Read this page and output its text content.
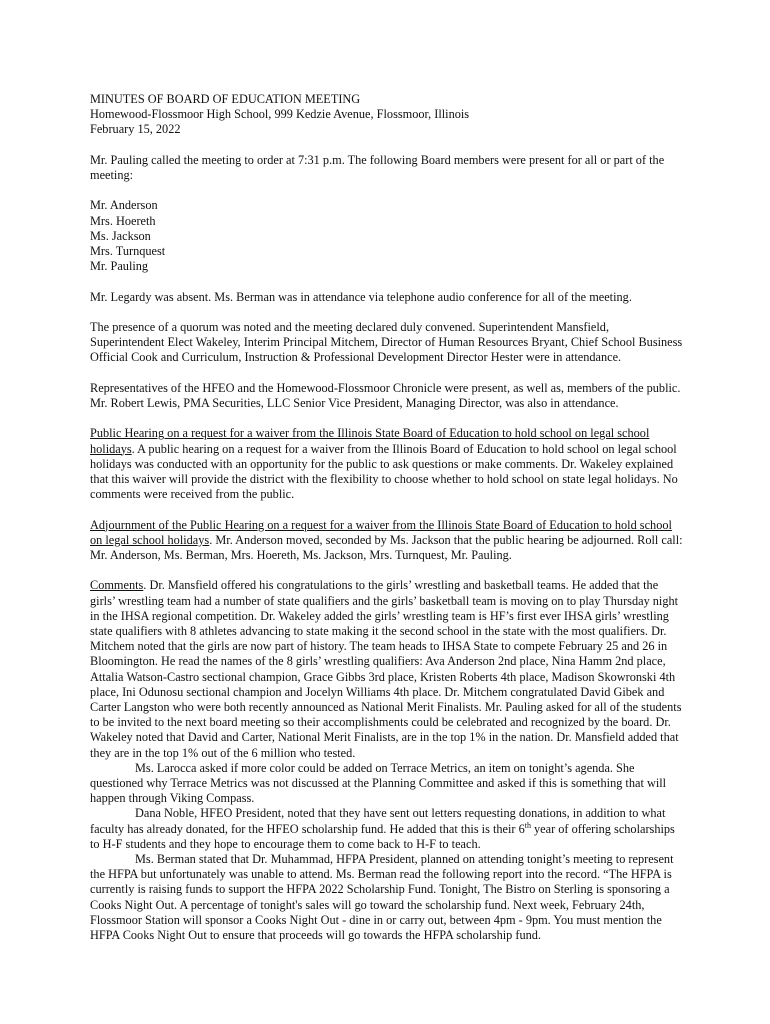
MINUTES OF BOARD OF EDUCATION MEETING

Homewood-Flossmoor High School, 999 Kedzie Avenue, Flossmoor, Illinois

February 15, 2022

Mr. Pauling called the meeting to order at 7:31 p.m. The following Board members were present for all or part of the meeting:

Mr. Anderson

Mrs. Hoereth

Ms. Jackson

Mrs. Turnquest

Mr. Pauling

Mr. Legardy was absent. Ms. Berman was in attendance via telephone audio conference for all of the meeting.

The presence of a quorum was noted and the meeting declared duly convened. Superintendent Mansfield, Superintendent Elect Wakeley, Interim Principal Mitchem, Director of Human Resources Bryant, Chief School Business Official Cook and Curriculum, Instruction & Professional Development Director Hester were in attendance.

Representatives of the HFEO and the Homewood-Flossmoor Chronicle were present, as well as, members of the public. Mr. Robert Lewis, PMA Securities, LLC Senior Vice President, Managing Director, was also in attendance.

Public Hearing on a request for a waiver from the Illinois State Board of Education to hold school on legal school holidays. A public hearing on a request for a waiver from the Illinois Board of Education to hold school on legal school holidays was conducted with an opportunity for the public to ask questions or make comments. Dr. Wakeley explained that this waiver will provide the district with the flexibility to choose whether to hold school on state legal holidays. No comments were received from the public.

Adjournment of the Public Hearing on a request for a waiver from the Illinois State Board of Education to hold school on legal school holidays. Mr. Anderson moved, seconded by Ms. Jackson that the public hearing be adjourned. Roll call: Mr. Anderson, Ms. Berman, Mrs. Hoereth, Ms. Jackson, Mrs. Turnquest, Mr. Pauling.

Comments. Dr. Mansfield offered his congratulations to the girls’ wrestling and basketball teams. He added that the girls’ wrestling team had a number of state qualifiers and the girls’ basketball team is moving on to play Thursday night in the IHSA regional competition. Dr. Wakeley added the girls’ wrestling team is HF’s first ever IHSA girls’ wrestling state qualifiers with 8 athletes advancing to state making it the second school in the state with the most qualifiers. Dr. Mitchem noted that the girls are now part of history. The team heads to IHSA State to compete February 25 and 26 in Bloomington. He read the names of the 8 girls’ wrestling qualifiers: Ava Anderson 2nd place, Nina Hamm 2nd place, Attalia Watson-Castro sectional champion, Grace Gibbs 3rd place, Kristen Roberts 4th place, Madison Skowronski 4th place, Ini Odunosu sectional champion and Jocelyn Williams 4th place. Dr. Mitchem congratulated David Gibek and Carter Langston who were both recently announced as National Merit Finalists. Mr. Pauling asked for all of the students to be invited to the next board meeting so their accomplishments could be celebrated and recognized by the board. Dr. Wakeley noted that David and Carter, National Merit Finalists, are in the top 1% in the nation. Dr. Mansfield added that they are in the top 1% out of the 6 million who tested.

Ms. Larocca asked if more color could be added on Terrace Metrics, an item on tonight’s agenda. She questioned why Terrace Metrics was not discussed at the Planning Committee and asked if this is something that will happen through Viking Compass.

Dana Noble, HFEO President, noted that they have sent out letters requesting donations, in addition to what faculty has already donated, for the HFEO scholarship fund. He added that this is their 6th year of offering scholarships to H-F students and they hope to encourage them to come back to H-F to teach.

Ms. Berman stated that Dr. Muhammad, HFPA President, planned on attending tonight’s meeting to represent the HFPA but unfortunately was unable to attend. Ms. Berman read the following report into the record. “The HFPA is currently is raising funds to support the HFPA 2022 Scholarship Fund. Tonight, The Bistro on Sterling is sponsoring a Cooks Night Out. A percentage of tonight's sales will go toward the scholarship fund. Next week, February 24th, Flossmoor Station will sponsor a Cooks Night Out - dine in or carry out, between 4pm - 9pm. You must mention the HFPA Cooks Night Out to ensure that proceeds will go towards the HFPA scholarship fund.
